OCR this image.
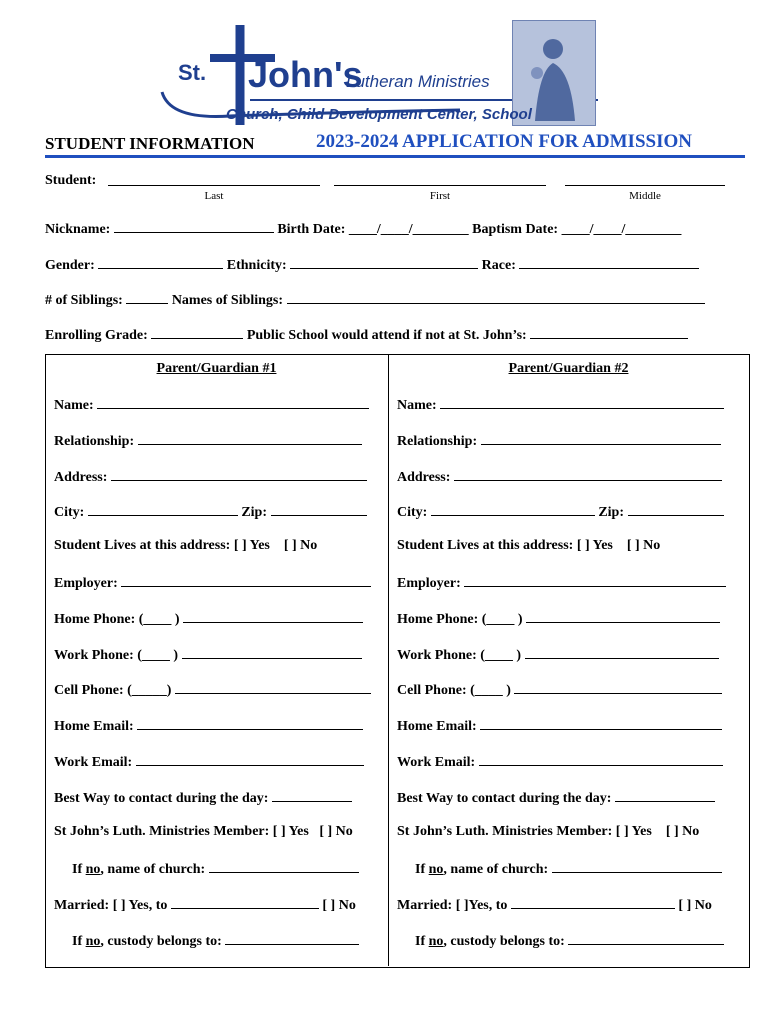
St. John's
Lutheran Ministries
Church, Child Development Center, School
STUDENT INFORMATION	2023-2024 APPLICATION FOR ADMISSION
Student:
Last	First	Middle
Nickname:	Birth Date: ____/____/________ Baptism Date: ____/____/________
Gender:	Ethnicity:	Race:
# of Siblings:	Names of Siblings:
Enrolling Grade:	Public School would attend if not at St. John’s:
Parent/Guardian #1
Name:
Relationship:
Address:
City:	Zip:
Student Lives at this address: [ ] Yes    [ ] No
Employer:
Home Phone: (____ )
Work Phone: (____ )
Cell Phone: (_____)
Home Email:
Work Email:
Best Way to contact during the day:
St John’s Luth. Ministries Member: [ ] Yes   [ ] No
If no, name of church:
Married: [ ] Yes, to	[ ] No
If no, custody belongs to:
Parent/Guardian #2
Name:
Relationship:
Address:
City:	Zip:
Student Lives at this address: [ ] Yes    [ ] No
Employer:
Home Phone: (____ )
Work Phone: (____ )
Cell Phone: (____ )
Home Email:
Work Email:
Best Way to contact during the day:
St John’s Luth. Ministries Member: [ ] Yes    [ ] No
If no, name of church:
Married: [ ]Yes, to	[ ] No
If no, custody belongs to:
